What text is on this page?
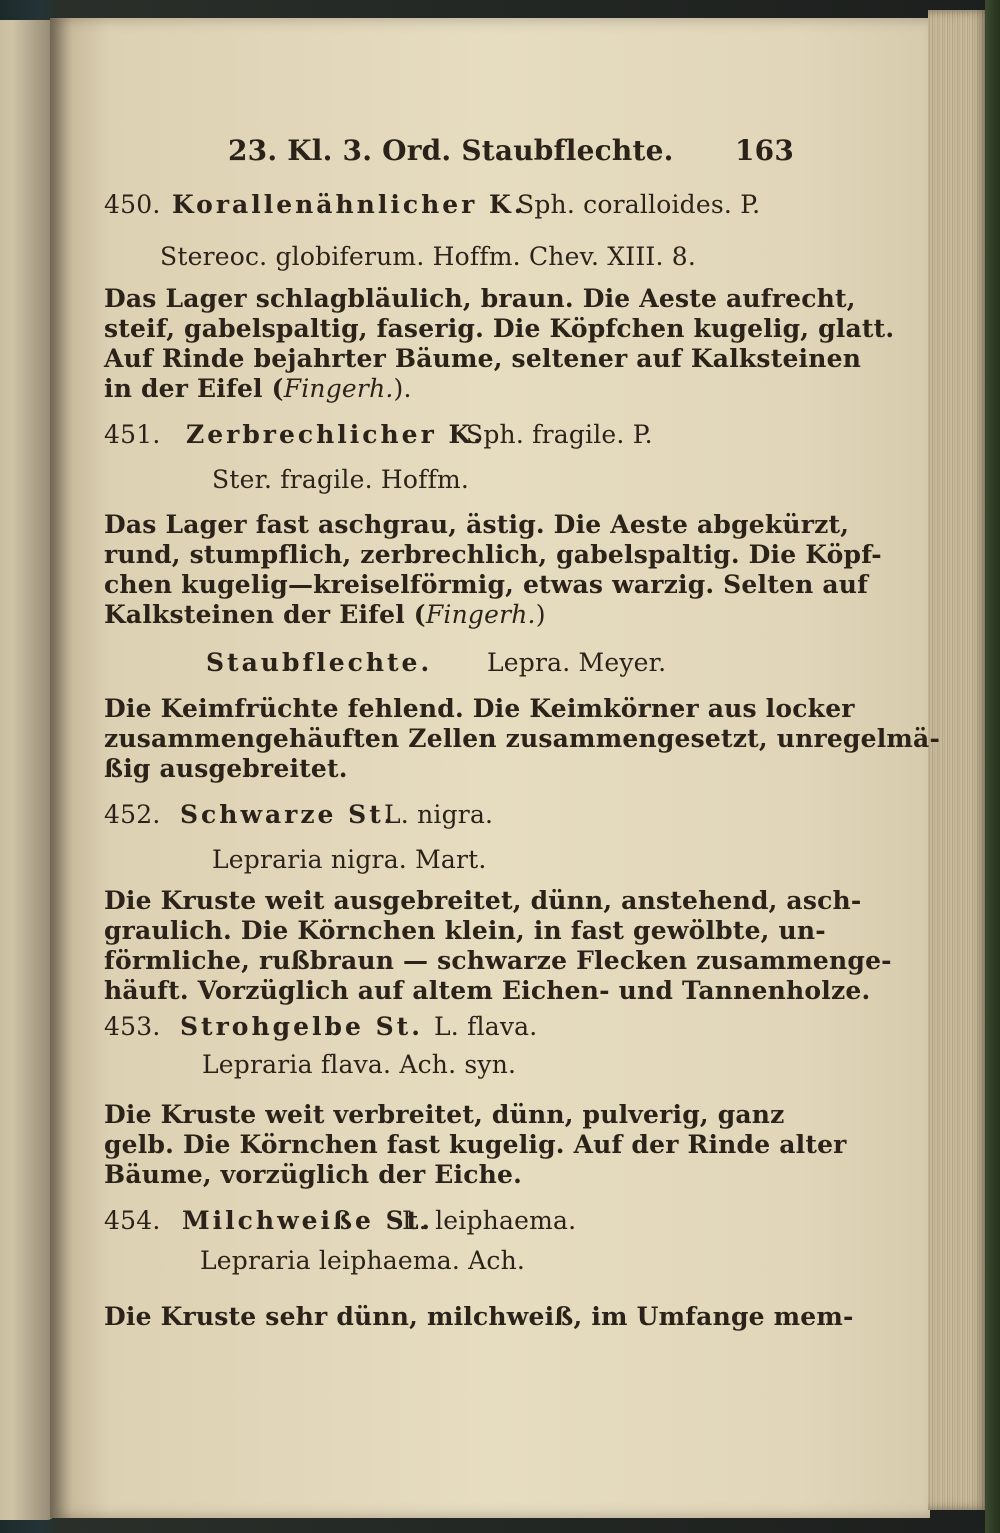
23. Kl. 3. Ord. Staubflechte. 163
450. Korallenähnlicher K.
Sph. coralloides. P.
Stereoc. globiferum. Hoffm. Chev. XIII. 8.
Das Lager schlagbläulich, braun. Die Aeste aufrecht,
steif, gabelspaltig, faserig. Die Köpfchen kugelig, glatt.
Auf Rinde bejahrter Bäume, seltener auf Kalksteinen
in der Eifel (Fingerh.).
451. Zerbrechlicher K.
Sph. fragile. P.
Ster. fragile. Hoffm.
Das Lager fast aschgrau, ästig. Die Aeste abgekürzt,
rund, stumpflich, zerbrechlich, gabelspaltig. Die Köpf-
chen kugelig—kreiselförmig, etwas warzig. Selten auf
Kalksteinen der Eifel (Fingerh.)
Staubflechte. Lepra. Meyer.
Die Keimfrüchte fehlend. Die Keimkörner aus locker
zusammengehäuften Zellen zusammengesetzt, unregelmä-
ßig ausgebreitet.
452. Schwarze St.
L. nigra.
Lepraria nigra. Mart.
Die Kruste weit ausgebreitet, dünn, anstehend, asch-
graulich. Die Körnchen klein, in fast gewölbte, un-
förmliche, rußbraun — schwarze Flecken zusammenge-
häuft. Vorzüglich auf altem Eichen- und Tannenholze.
453. Strohgelbe St. L. flava.
Lepraria flava. Ach. syn.
Die Kruste weit verbreitet, dünn, pulverig, ganz
gelb. Die Körnchen fast kugelig. Auf der Rinde alter
Bäume, vorzüglich der Eiche.
454. Milchweiße St.
L. leiphaema.
Lepraria leiphaema. Ach.
Die Kruste sehr dünn, milchweiß, im Umfange mem-
